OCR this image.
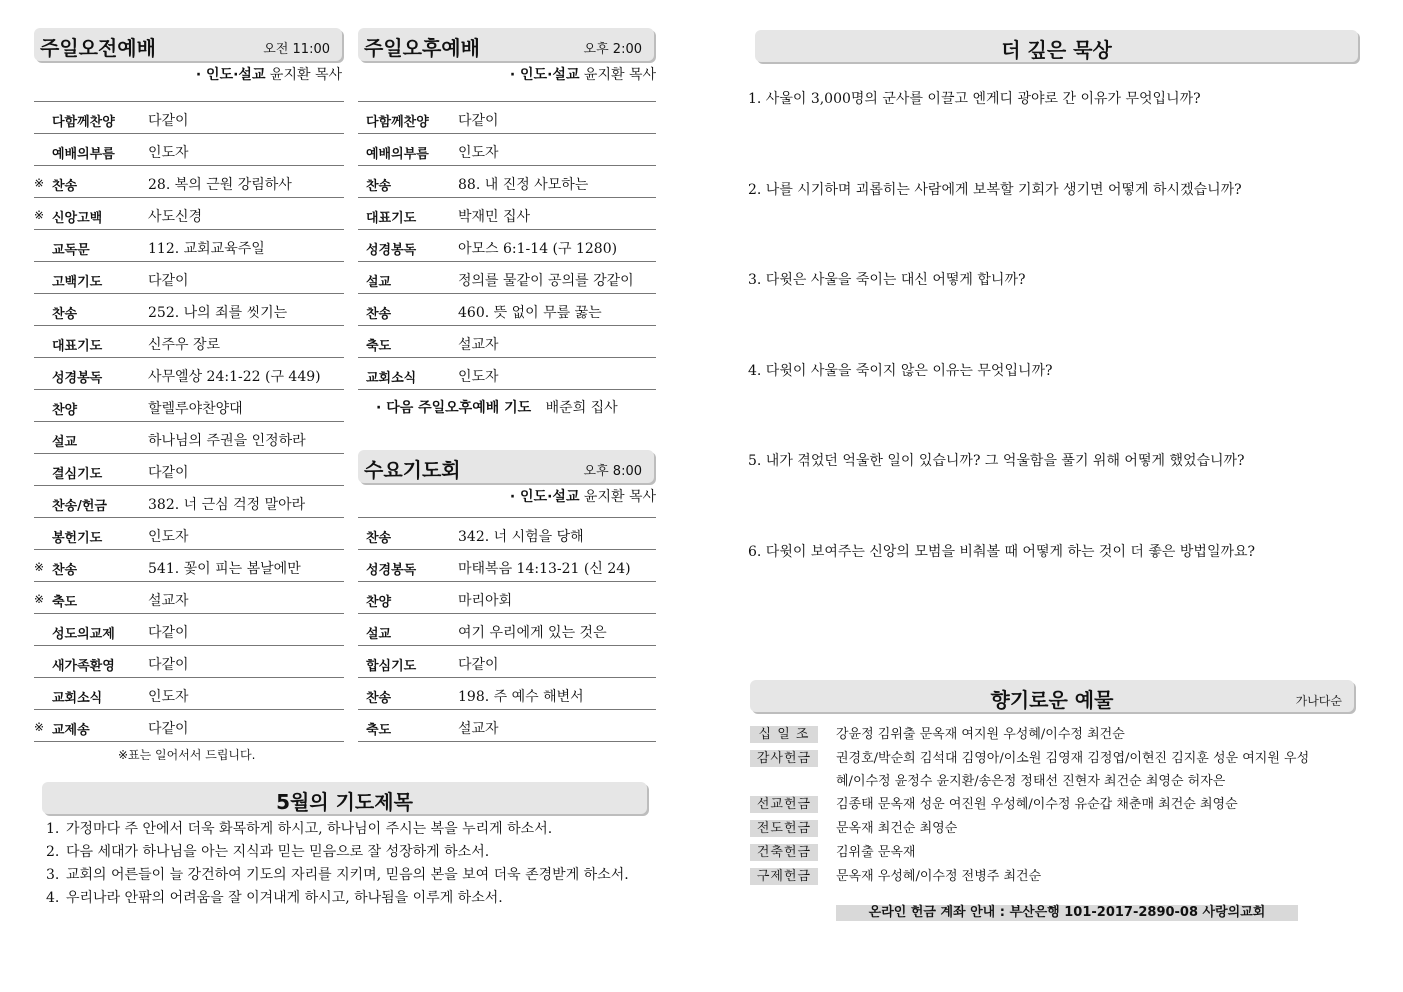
주일오전예배	오전 11:00
· 인도·설교 윤지환 목사
다함께찬양	다같이
예배의부름	인도자
※ 찬송	28. 복의 근원 강림하사
※ 신앙고백	사도신경
교독문	112. 교회교육주일
고백기도	다같이
찬송	252. 나의 죄를 씻기는
대표기도	신주우 장로
성경봉독	사무엘상 24:1-22 (구 449)
찬양	할렐루야찬양대
설교	하나님의 주권을 인정하라
결심기도	다같이
찬송/헌금	382. 너 근심 걱정 말아라
봉헌기도	인도자
※ 찬송	541. 꽃이 피는 봄날에만
※ 축도	설교자
성도의교제	다같이
새가족환영	다같이
교회소식	인도자
※ 교제송	다같이
※표는 일어서서 드립니다.
주일오후예배	오후 2:00
· 인도·설교 윤지환 목사
다함께찬양	다같이
예배의부름	인도자
찬송	88. 내 진정 사모하는
대표기도	박재민 집사
성경봉독	아모스 6:1-14 (구 1280)
설교	정의를 물같이 공의를 강같이
찬송	460. 뜻 없이 무릎 꿇는
축도	설교자
교회소식	인도자
· 다음 주일오후예배 기도 배준희 집사
수요기도회	오후 8:00
· 인도·설교 윤지환 목사
찬송	342. 너 시험을 당해
성경봉독	마태복음 14:13-21 (신 24)
찬양	마리아회
설교	여기 우리에게 있는 것은
합심기도	다같이
찬송	198. 주 예수 해변서
축도	설교자
5월의 기도제목
1. 가정마다 주 안에서 더욱 화목하게 하시고, 하나님이 주시는 복을 누리게 하소서.
2. 다음 세대가 하나님을 아는 지식과 믿는 믿음으로 잘 성장하게 하소서.
3. 교회의 어른들이 늘 강건하여 기도의 자리를 지키며, 믿음의 본을 보여 더욱 존경받게 하소서.
4. 우리나라 안팎의 어려움을 잘 이겨내게 하시고, 하나됨을 이루게 하소서.
더 깊은 묵상
1. 사울이 3,000명의 군사를 이끌고 엔게디 광야로 간 이유가 무엇입니까?
2. 나를 시기하며 괴롭히는 사람에게 보복할 기회가 생기면 어떻게 하시겠습니까?
3. 다윗은 사울을 죽이는 대신 어떻게 합니까?
4. 다윗이 사울을 죽이지 않은 이유는 무엇입니까?
5. 내가 겪었던 억울한 일이 있습니까? 그 억울함을 풀기 위해 어떻게 했었습니까?
6. 다윗이 보여주는 신앙의 모범을 비춰볼 때 어떻게 하는 것이 더 좋은 방법일까요?
향기로운 예물	가나다순
십 일 조	강윤정 김위출 문옥재 여지원 우성혜/이수정 최건순
감사헌금	권경호/박순희 김석대 김영아/이소원 김영재 김정엽/이현진 김지훈 성운 여지원 우성혜/이수정 윤정수 윤지환/송은정 정태선 진현자 최건순 최영순 허자은
선교헌금	김종태 문옥재 성운 여진원 우성혜/이수정 유순갑 채춘매 최건순 최영순
전도헌금	문옥재 최건순 최영순
건축헌금	김위출 문옥재
구제헌금	문옥재 우성혜/이수정 전병주 최건순
온라인 헌금 계좌 안내 : 부산은행 101-2017-2890-08 사랑의교회
